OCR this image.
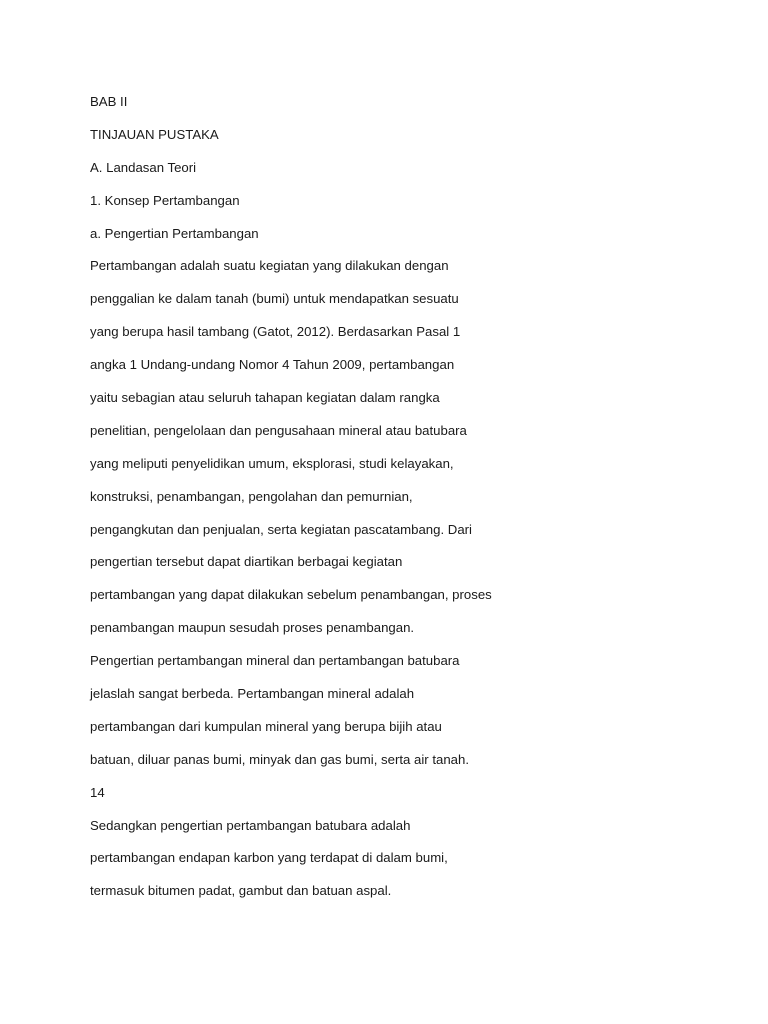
BAB II
TINJAUAN PUSTAKA
A. Landasan Teori
1. Konsep Pertambangan
a. Pengertian Pertambangan
Pertambangan adalah suatu kegiatan yang dilakukan dengan
penggalian ke dalam tanah (bumi) untuk mendapatkan sesuatu
yang berupa hasil tambang (Gatot, 2012). Berdasarkan Pasal 1
angka 1 Undang-undang Nomor 4 Tahun 2009, pertambangan
yaitu sebagian atau seluruh tahapan kegiatan dalam rangka
penelitian, pengelolaan dan pengusahaan mineral atau batubara
yang meliputi penyelidikan umum, eksplorasi, studi kelayakan,
konstruksi, penambangan, pengolahan dan pemurnian,
pengangkutan dan penjualan, serta kegiatan pascatambang. Dari
pengertian tersebut dapat diartikan berbagai kegiatan
pertambangan yang dapat dilakukan sebelum penambangan, proses
penambangan maupun sesudah proses penambangan.
Pengertian pertambangan mineral dan pertambangan batubara
jelaslah sangat berbeda. Pertambangan mineral adalah
pertambangan dari kumpulan mineral yang berupa bijih atau
batuan, diluar panas bumi, minyak dan gas bumi, serta air tanah.
14
Sedangkan pengertian pertambangan batubara adalah
pertambangan endapan karbon yang terdapat di dalam bumi,
termasuk bitumen padat, gambut dan batuan aspal.
